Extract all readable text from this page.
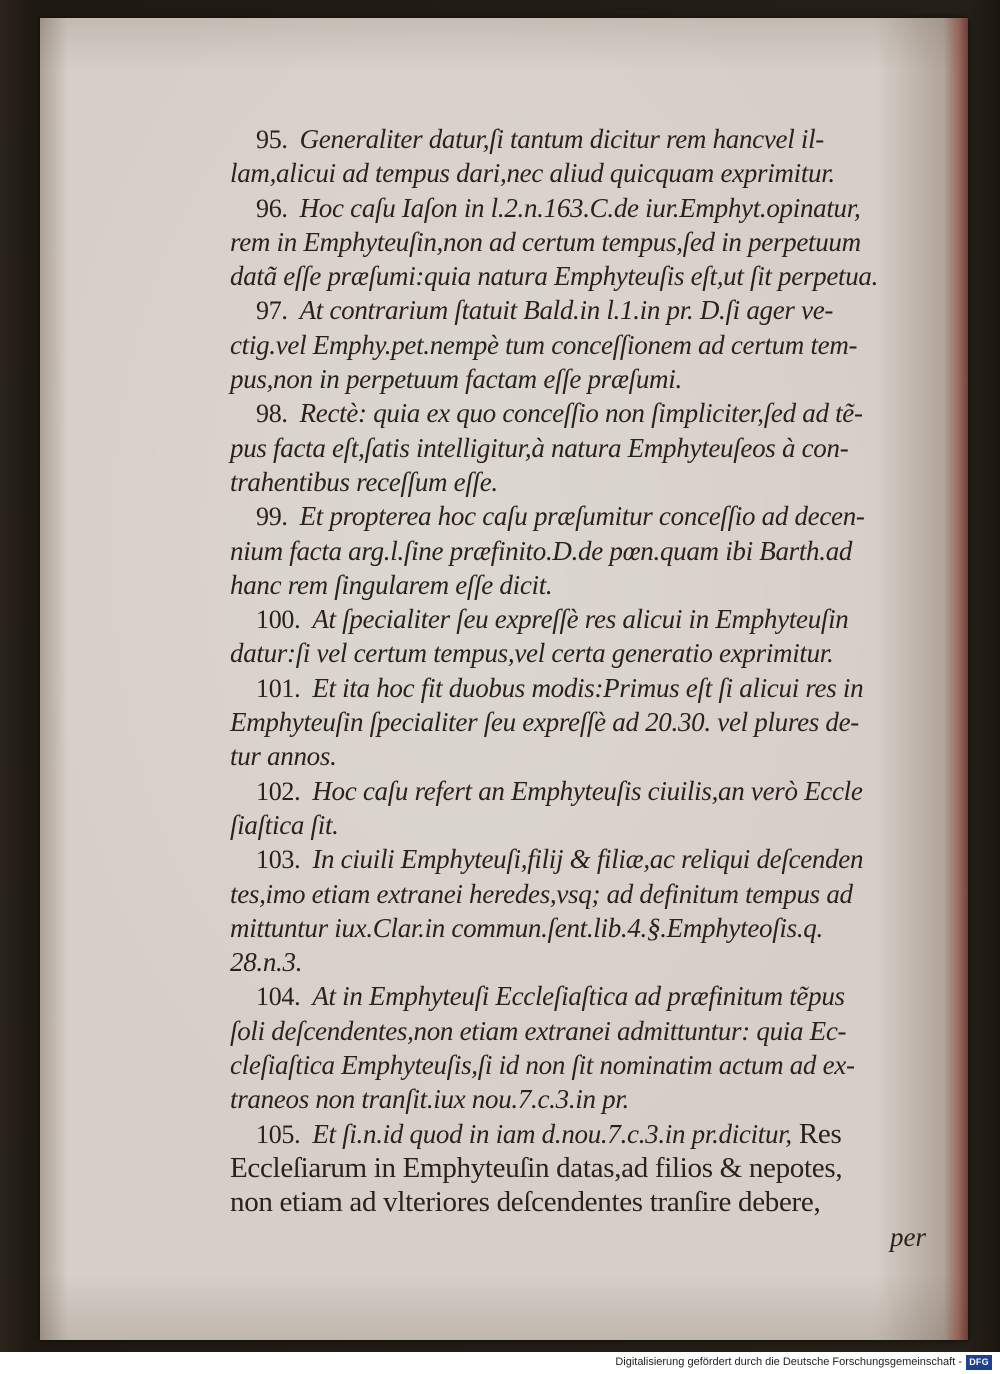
95. Generaliter datur,ſi tantum dicitur rem hancvel il-
lam,alicui ad tempus dari,nec aliud quicquam exprimitur.
96. Hoc caſu Iaſon in l.2.n.163.C.de iur.Emphyt.opinatur,
rem in Emphyteuſin,non ad certum tempus,ſed in perpetuum
datã eſſe præſumi:quia natura Emphyteuſis eſt,ut ſit perpetua.
97. At contrarium ſtatuit Bald.in l.1.in pr. D.ſi ager ve-
ctig.vel Emphy.pet.nempè tum conceſſionem ad certum tem-
pus,non in perpetuum factam eſſe præſumi.
98. Rectè: quia ex quo conceſſio non ſimpliciter,ſed ad tẽ-
pus facta eſt,ſatis intelligitur,à natura Emphyteuſeos à con-
trahentibus receſſum eſſe.
99. Et propterea hoc caſu præſumitur conceſſio ad decen-
nium facta arg.l.ſine præfinito.D.de pœn.quam ibi Barth.ad
hanc rem ſingularem eſſe dicit.
100. At ſpecialiter ſeu expreſſè res alicui in Emphyteuſin
datur:ſi vel certum tempus,vel certa generatio exprimitur.
101. Et ita hoc fit duobus modis:Primus eſt ſi alicui res in
Emphyteuſin ſpecialiter ſeu expreſſè ad 20.30. vel plures de-
tur annos.
102. Hoc caſu refert an Emphyteuſis ciuilis,an verò Eccle
ſiaſtica ſit.
103. In ciuili Emphyteuſi,filij & filiæ,ac reliqui deſcenden
tes,imo etiam extranei heredes,vsq; ad definitum tempus ad
mittuntur iux.Clar.in commun.ſent.lib.4.§.Emphyteoſis.q.
28.n.3.
104. At in Emphyteuſi Eccleſiaſtica ad præfinitum tẽpus
ſoli deſcendentes,non etiam extranei admittuntur: quia Ec-
cleſiaſtica Emphyteuſis,ſi id non ſit nominatim actum ad ex-
traneos non tranſit.iux nou.7.c.3.in pr.
105. Et ſi.n.id quod in iam d.nou.7.c.3.in pr.dicitur, Res
Eccleſiarum in Emphyteuſin datas,ad filios & nepotes,
non etiam ad vlteriores deſcendentes tranſire debere,
per
Digitalisierung gefördert durch die Deutsche Forschungsgemeinschaft - DFG
